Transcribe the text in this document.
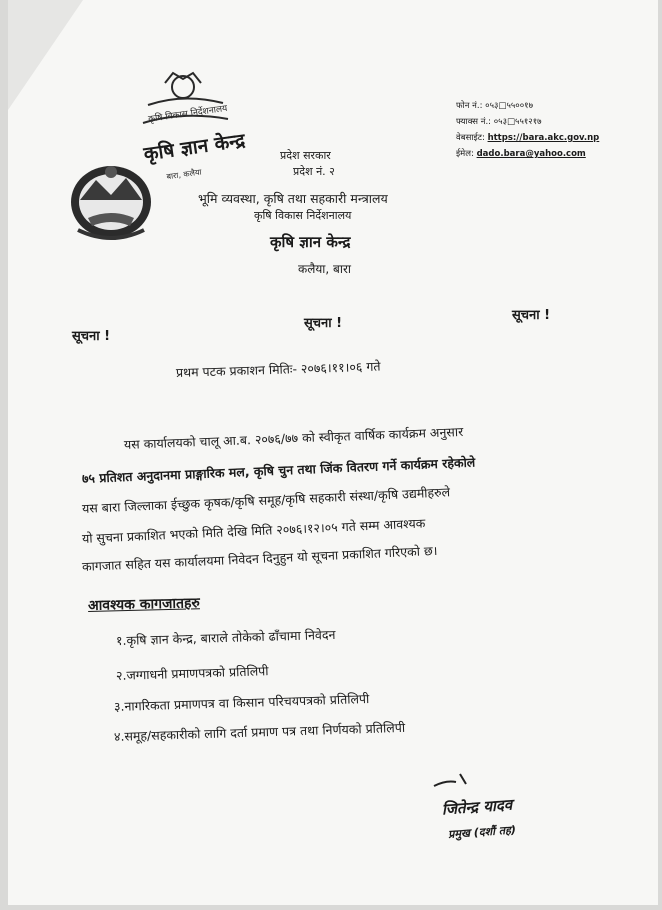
कृषि विकास निर्देशनालय
कृषि ज्ञान केन्द्र
बारा, कलैया
प्रदेश सरकार
प्रदेश नं. २
भूमि व्यवस्था, कृषि तथा सहकारी मन्त्रालय
कृषि विकास निर्देशनालय
कृषि ज्ञान केन्द्र
कलैया, बारा
फोन नं.: ०५३□५५००१७
फ्याक्स नं.: ०५३□५५१२१७
वेबसाईट: https://bara.akc.gov.np
ईमेल: dado.bara@yahoo.com
सूचना !
सूचना !
सूचना !
प्रथम पटक प्रकाशन मितिः- २०७६।११।०६ गते
यस कार्यालयको चालू आ.ब. २०७६/७७ को स्वीकृत वार्षिक कार्यक्रम अनुसार
७५ प्रतिशत अनुदानमा प्राङ्गारिक मल, कृषि चुन तथा जिंक वितरण गर्ने कार्यक्रम रहेकोले
यस बारा जिल्लाका ईच्छुक कृषक/कृषि समूह/कृषि सहकारी संस्था/कृषि उद्यमीहरुले
यो सुचना प्रकाशित भएको मिति देखि मिति २०७६।१२।०५ गते सम्म आवश्यक
कागजात सहित यस कार्यालयमा निवेदन दिनुहुन यो सूचना प्रकाशित गरिएको छ।
आवश्यक कागजातहरु
१.कृषि ज्ञान केन्द्र, बाराले तोकेको ढाँचामा निवेदन
२.जग्गाधनी प्रमाणपत्रको प्रतिलिपी
३.नागरिकता प्रमाणपत्र वा किसान परिचयपत्रको प्रतिलिपी
४.समूह/सहकारीको लागि दर्ता प्रमाण पत्र तथा निर्णयको प्रतिलिपी
जितेन्द्र यादव
प्रमुख (दशौं तह)
